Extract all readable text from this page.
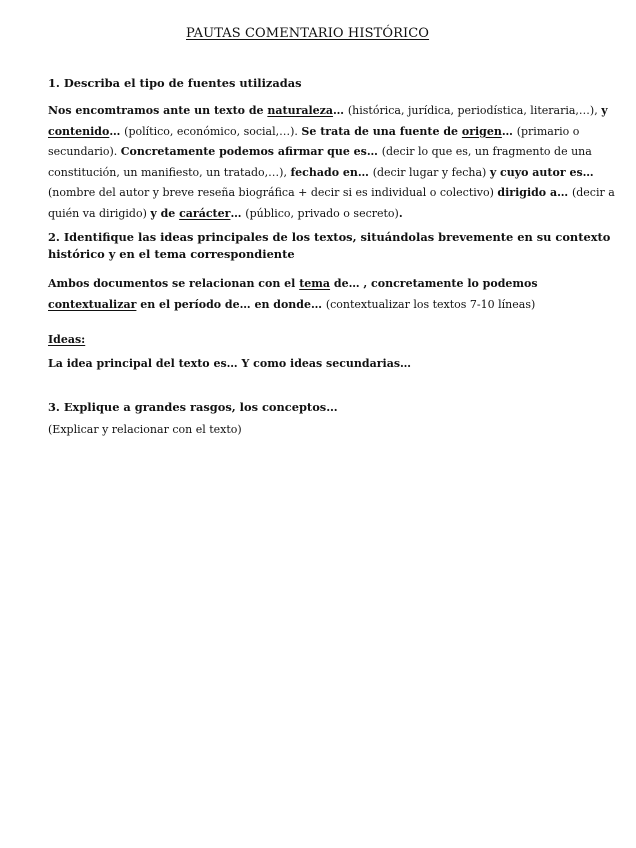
PAUTAS COMENTARIO HISTÓRICO
1. Describa el tipo de fuentes utilizadas

Nos encomtramos ante un texto de naturaleza… (histórica, jurídica, periodística, literaria,…), y contenido… (político, económico, social,…). Se trata de una fuente de origen… (primario o secundario). Concretamente podemos afirmar que es… (decir lo que es, un fragmento de una constitución, un manifiesto, un tratado,…), fechado en… (decir lugar y fecha) y cuyo autor es… (nombre del autor y breve reseña biográfica + decir si es individual o colectivo) dirigido a… (decir a quién va dirigido) y de carácter… (público, privado o secreto).

2. Identifique las ideas principales de los textos, situándolas brevemente en su contexto histórico y en el tema correspondiente

Ambos documentos se relacionan con el tema de… , concretamente lo podemos contextualizar en el período de… en donde… (contextualizar los textos 7-10 líneas)

Ideas:
La idea principal del texto es… Y como ideas secundarias…
3. Explique a grandes rasgos, los conceptos…
(Explicar y relacionar con el texto)
